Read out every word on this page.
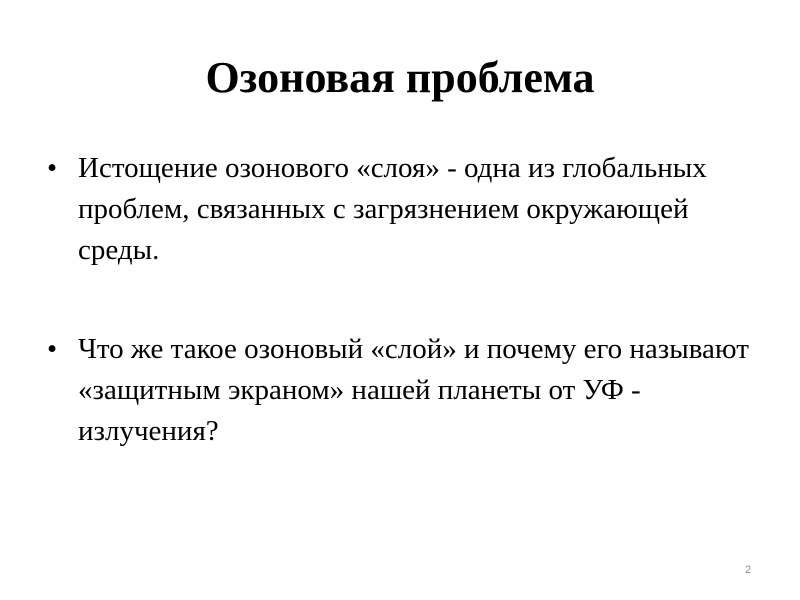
Озоновая проблема
• Истощение озонового «слоя» - одна из глобальных проблем, связанных с загрязнением окружающей среды.
• Что же такое озоновый «слой» и почему его называют «защитным экраном» нашей планеты от УФ - излучения?
2
